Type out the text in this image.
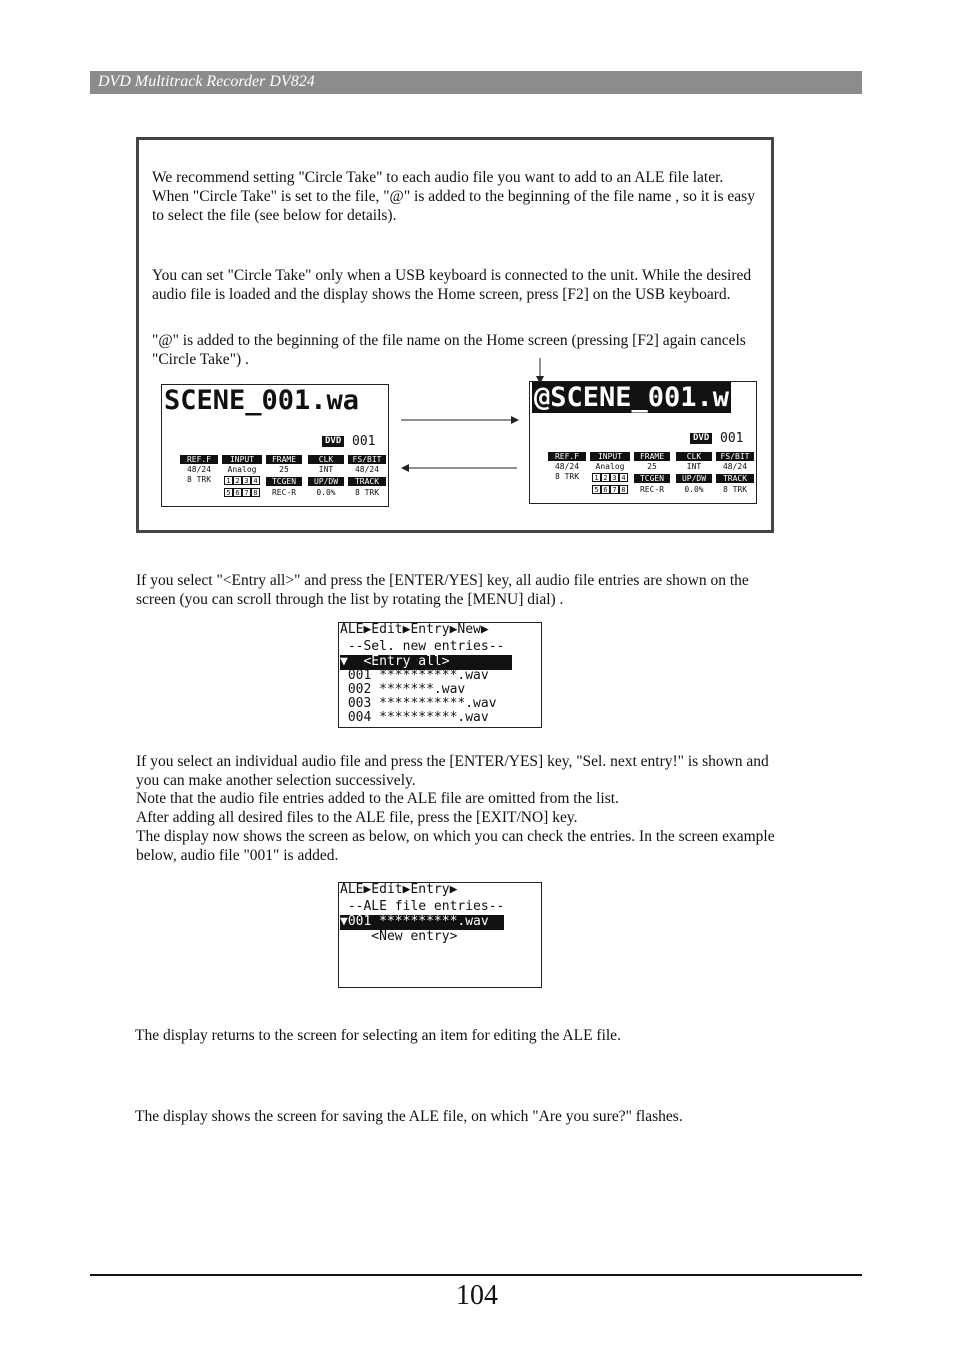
DVD Multitrack Recorder DV824

We recommend setting "Circle Take" to each audio file you want to add to an ALE file later. When "Circle Take" is set to the file, "@" is added to the beginning of the file name , so it is easy to select the file (see below for details).

You can set "Circle Take" only when a USB keyboard is connected to the unit. While the desired audio file is loaded and the display shows the Home screen, press [F2] on the USB keyboard.

"@" is added to the beginning of the file name on the Home screen (pressing [F2] again cancels "Circle Take") .

SCENE_001.wa
DVD 001
REF.F
48/24
8 TRK
INPUT
Analog
1 2 3 4
5 6 7 8
FRAME
25
TCGEN
REC-R
CLK
INT
UP/DW
0.0%
FS/BIT
48/24
TRACK
8 TRK
@SCENE_001.w
DVD 001
REF.F
48/24
8 TRK
INPUT
Analog
1 2 3 4
5 6 7 8
FRAME
25
TCGEN
REC-R
CLK
INT
UP/DW
0.0%
FS/BIT
48/24
TRACK
8 TRK

If you select "<Entry all>" and press the [ENTER/YES] key, all audio file entries are shown on the screen (you can scroll through the list by rotating the [MENU] dial) .

ALE▶Edit▶Entry▶New▶
--Sel. new entries--
▼  <Entry all>
001 **********.wav
002 *******.wav
003 ***********.wav
004 **********.wav

If you select an individual audio file and press the [ENTER/YES] key, "Sel. next entry!" is shown and you can make another selection successively.

Note that the audio file entries added to the ALE file are omitted from the list.

After adding all desired files to the ALE file, press the [EXIT/NO] key.

The display now shows the screen as below, on which you can check the entries. In the screen example below, audio file "001" is added.

ALE▶Edit▶Entry▶
--ALE file entries--
▼001 **********.wav
<New entry>

The display returns to the screen for selecting an item for editing the ALE file.

The display shows the screen for saving the ALE file, on which "Are you sure?" flashes.

104
